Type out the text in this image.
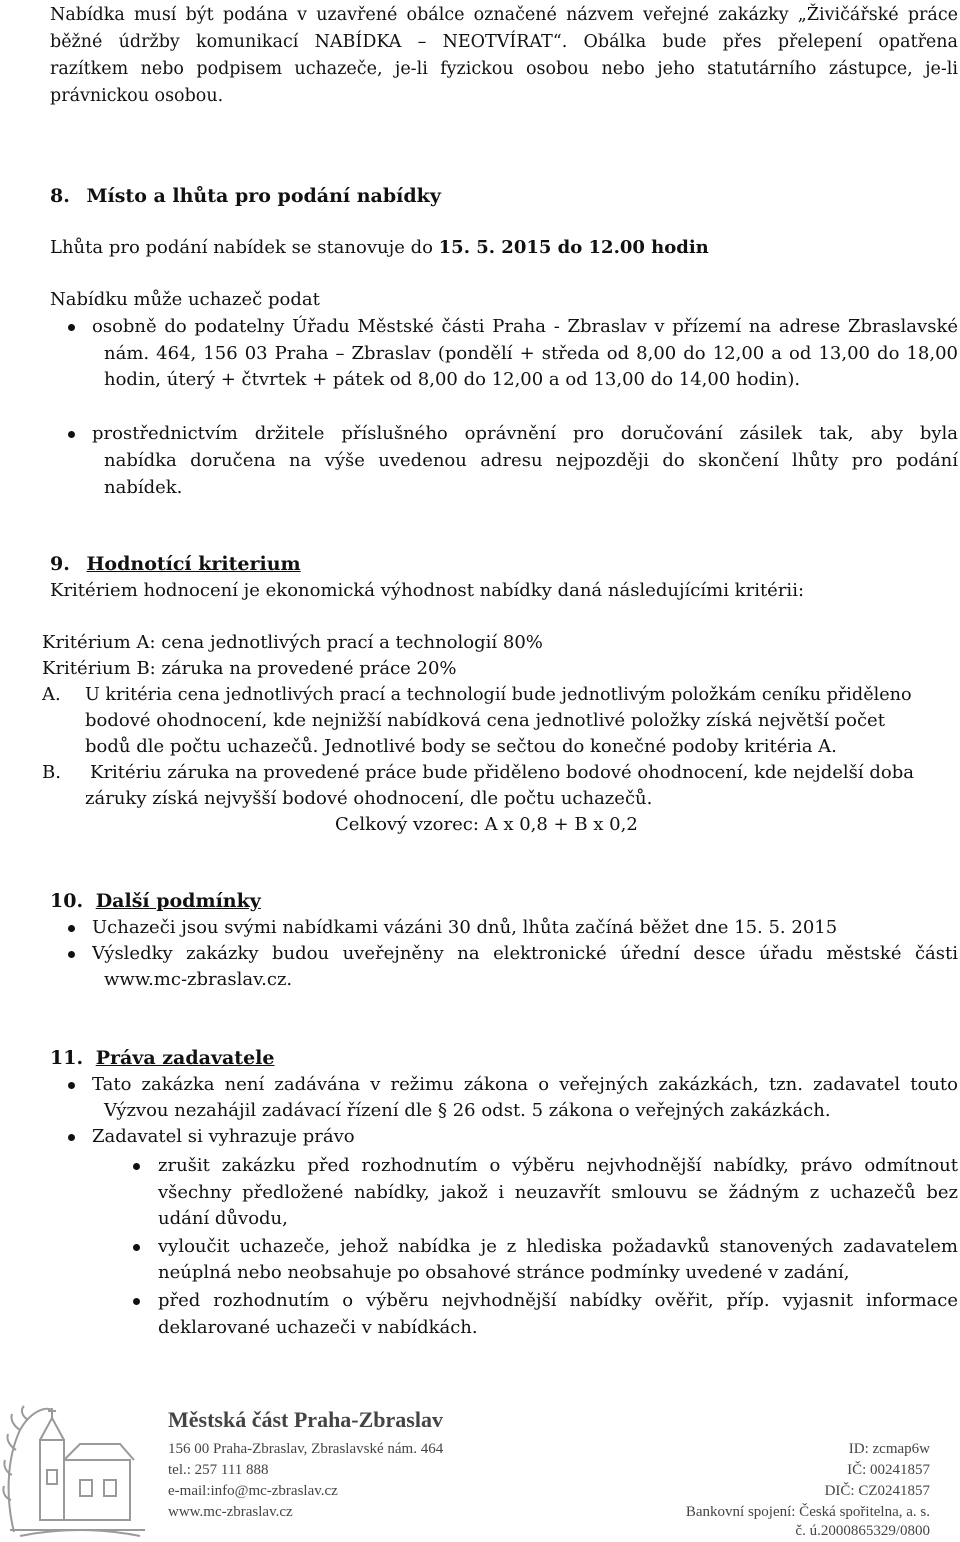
Nabídka musí být podána v uzavřené obálce označené názvem veřejné zakázky „Živičářské práce

běžné údržby komunikací NABÍDKA – NEOTVÍRAT“. Obálka bude přes přelepení opatřena

razítkem nebo podpisem uchazeče, je-li fyzickou osobou nebo jeho statutárního zástupce, je-li

právnickou osobou.

8. Místo a lhůta pro podání nabídky

Lhůta pro podání nabídek se stanovuje do 15. 5. 2015 do 12.00 hodin

Nabídku může uchazeč podat

osobně do podatelny Úřadu Městské části Praha - Zbraslav v přízemí na adrese Zbraslavské

nám. 464, 156 03 Praha – Zbraslav (pondělí + středa od 8,00 do 12,00 a od 13,00 do 18,00

hodin, úterý + čtvrtek + pátek od 8,00 do 12,00 a od 13,00 do 14,00 hodin).

prostřednictvím držitele příslušného oprávnění pro doručování zásilek tak, aby byla

nabídka doručena na výše uvedenou adresu nejpozději do skončení lhůty pro podání

nabídek.

9. Hodnotící kriterium

Kritériem hodnocení je ekonomická výhodnost nabídky daná následujícími kritérii:

Kritérium A: cena jednotlivých prací a technologií 80%

Kritérium B: záruka na provedené práce 20%

A. U kritéria cena jednotlivých prací a technologií bude jednotlivým položkám ceníku přiděleno

bodové ohodnocení, kde nejnižší nabídková cena jednotlivé položky získá největší počet

bodů dle počtu uchazečů. Jednotlivé body se sečtou do konečné podoby kritéria A.

B. Kritériu záruka na provedené práce bude přiděleno bodové ohodnocení, kde nejdelší doba

záruky získá nejvyšší bodové ohodnocení, dle počtu uchazečů.

Celkový vzorec: A x 0,8 + B x 0,2

10. Další podmínky

Uchazeči jsou svými nabídkami vázáni 30 dnů, lhůta začíná běžet dne 15. 5. 2015

Výsledky zakázky budou uveřejněny na elektronické úřední desce úřadu městské části

www.mc-zbraslav.cz.

11. Práva zadavatele

Tato zakázka není zadávána v režimu zákona o veřejných zakázkách, tzn. zadavatel touto

Výzvou nezahájil zadávací řízení dle § 26 odst. 5 zákona o veřejných zakázkách.

Zadavatel si vyhrazuje právo

zrušit zakázku před rozhodnutím o výběru nejvhodnější nabídky, právo odmítnout

všechny předložené nabídky, jakož i neuzavřít smlouvu se žádným z uchazečů bez

udání důvodu,

vyloučit uchazeče, jehož nabídka je z hlediska požadavků stanovených zadavatelem

neúplná nebo neobsahuje po obsahové stránce podmínky uvedené v zadání,

před rozhodnutím o výběru nejvhodnější nabídky ověřit, příp. vyjasnit informace

deklarované uchazeči v nabídkách.

Městská část Praha-Zbraslav
156 00 Praha-Zbraslav, Zbraslavské nám. 464
tel.: 257 111 888
e-mail:info@mc-zbraslav.cz
www.mc-zbraslav.cz
ID: zcmap6w
IČ: 00241857
DIČ: CZ0241857
Bankovní spojení: Česká spořitelna, a. s.
č. ú.2000865329/0800
